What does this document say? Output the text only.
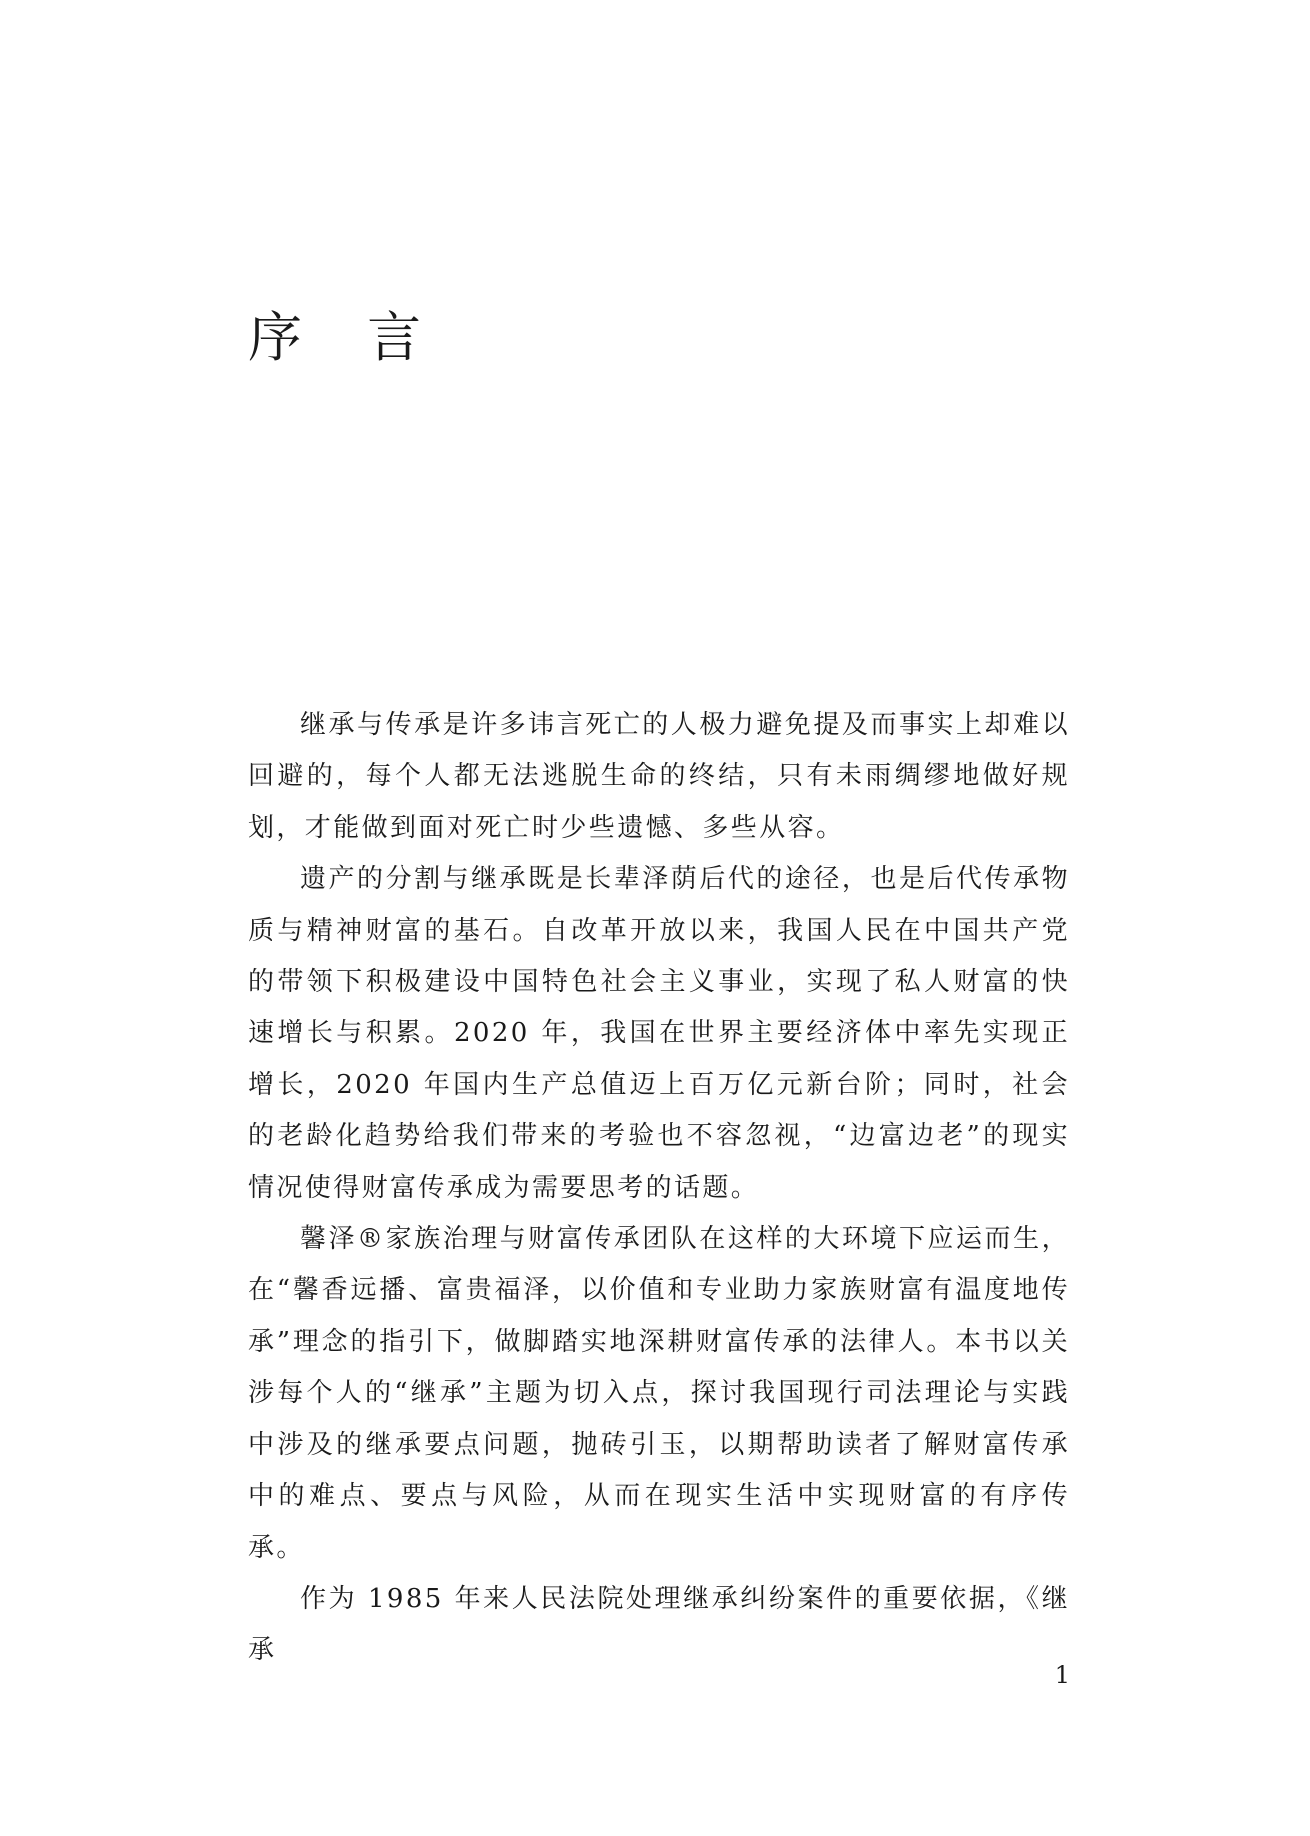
序 言

继承与传承是许多讳言死亡的人极力避免提及而事实上却难以回避的，每个人都无法逃脱生命的终结，只有未雨绸缪地做好规划，才能做到面对死亡时少些遗憾、多些从容。

遗产的分割与继承既是长辈泽荫后代的途径，也是后代传承物质与精神财富的基石。自改革开放以来，我国人民在中国共产党的带领下积极建设中国特色社会主义事业，实现了私人财富的快速增长与积累。2020 年，我国在世界主要经济体中率先实现正增长，2020 年国内生产总值迈上百万亿元新台阶；同时，社会的老龄化趋势给我们带来的考验也不容忽视，“边富边老”的现实情况使得财富传承成为需要思考的话题。

馨泽®家族治理与财富传承团队在这样的大环境下应运而生，在“馨香远播、富贵福泽，以价值和专业助力家族财富有温度地传承”理念的指引下，做脚踏实地深耕财富传承的法律人。本书以关涉每个人的“继承”主题为切入点，探讨我国现行司法理论与实践中涉及的继承要点问题，抛砖引玉，以期帮助读者了解财富传承中的难点、要点与风险，从而在现实生活中实现财富的有序传承。

作为 1985 年来人民法院处理继承纠纷案件的重要依据，《继承

1
